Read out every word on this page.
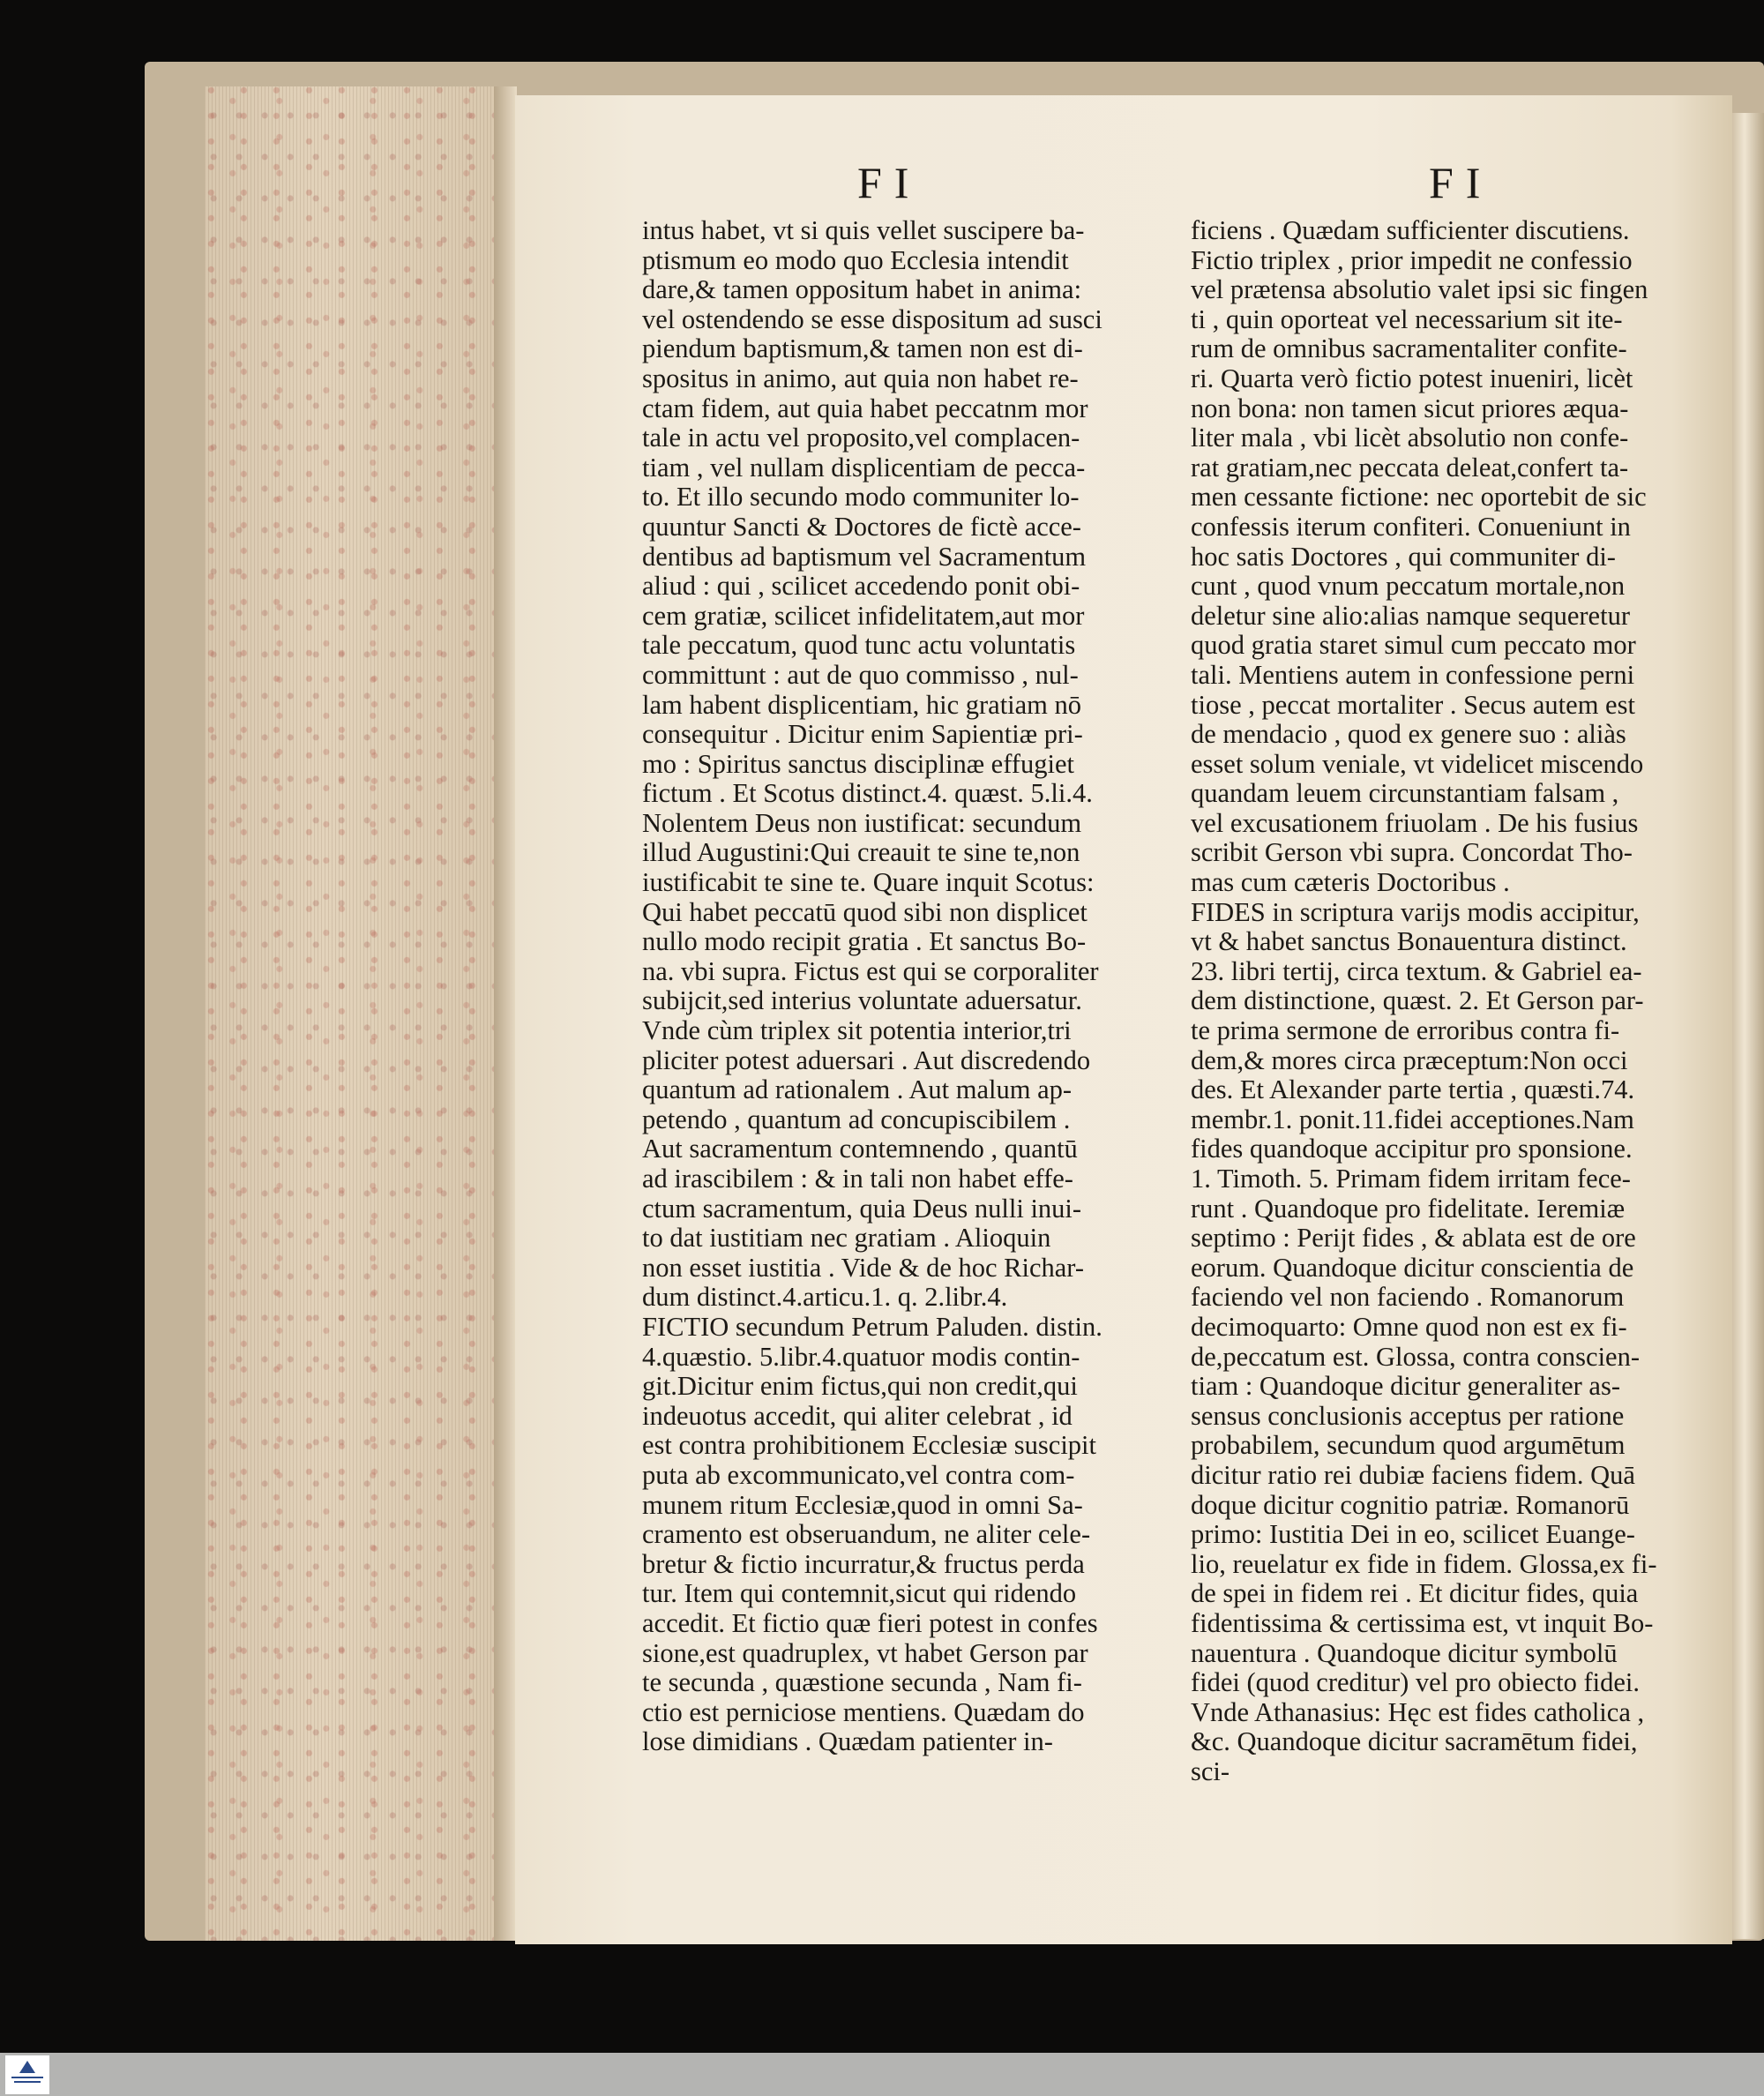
FI	FI
intus habet, vt si quis vellet suscipere ba-
ptismum eo modo quo Ecclesia intendit
dare,& tamen oppositum habet in anima:
vel ostendendo se esse dispositum ad susci
piendum baptismum,& tamen non est di-
spositus in animo, aut quia non habet re-
ctam fidem, aut quia habet peccatnm mor
tale in actu vel proposito,vel complacen-
tiam , vel nullam displicentiam de pecca-
to. Et illo secundo modo communiter lo-
quuntur Sancti & Doctores de fictè acce-
dentibus ad baptismum vel Sacramentum
aliud : qui , scilicet accedendo ponit obi-
cem gratiæ, scilicet infidelitatem,aut mor
tale peccatum, quod tunc actu voluntatis
committunt : aut de quo commisso , nul-
lam habent displicentiam, hic gratiam nō
consequitur . Dicitur enim Sapientiæ pri-
mo : Spiritus sanctus disciplinæ effugiet
fictum . Et Scotus distinct.4. quæst. 5.li.4.
Nolentem Deus non iustificat: secundum
illud Augustini:Qui creauit te sine te,non
iustificabit te sine te. Quare inquit Scotus:
Qui habet peccatū quod sibi non displicet
nullo modo recipit gratia . Et sanctus Bo-
na. vbi supra. Fictus est qui se corporaliter
subijcit,sed interius voluntate aduersatur.
Vnde cùm triplex sit potentia interior,tri
pliciter potest aduersari . Aut discredendo
quantum ad rationalem . Aut malum ap-
petendo , quantum ad concupiscibilem .
Aut sacramentum contemnendo , quantū
ad irascibilem : & in tali non habet effe-
ctum sacramentum, quia Deus nulli inui-
to dat iustitiam nec gratiam . Alioquin
non esset iustitia . Vide & de hoc Richar-
dum distinct.4.articu.1. q. 2.libr.4.
FICTIO secundum Petrum Paluden. distin.
4.quæstio. 5.libr.4.quatuor modis contin-
git.Dicitur enim fictus,qui non credit,qui
indeuotus accedit, qui aliter celebrat , id
est contra prohibitionem Ecclesiæ suscipit
puta ab excommunicato,vel contra com-
munem ritum Ecclesiæ,quod in omni Sa-
cramento est obseruandum, ne aliter cele-
bretur & fictio incurratur,& fructus perda
tur. Item qui contemnit,sicut qui ridendo
accedit. Et fictio quæ fieri potest in confes
sione,est quadruplex, vt habet Gerson par
te secunda , quæstione secunda , Nam fi-
ctio est perniciose mentiens. Quædam do
lose dimidians . Quædam patienter in-
ficiens . Quædam sufficienter discutiens.
Fictio triplex , prior impedit ne confessio
vel prætensa absolutio valet ipsi sic fingen
ti , quin oporteat vel necessarium sit ite-
rum de omnibus sacramentaliter confite-
ri. Quarta verò fictio potest inueniri, licèt
non bona: non tamen sicut priores æqua-
liter mala , vbi licèt absolutio non confe-
rat gratiam,nec peccata deleat,confert ta-
men cessante fictione: nec oportebit de sic
confessis iterum confiteri. Conueniunt in
hoc satis Doctores , qui communiter di-
cunt , quod vnum peccatum mortale,non
deletur sine alio:alias namque sequeretur
quod gratia staret simul cum peccato mor
tali. Mentiens autem in confessione perni
tiose , peccat mortaliter . Secus autem est
de mendacio , quod ex genere suo : aliàs
esset solum veniale, vt videlicet miscendo
quandam leuem circunstantiam falsam ,
vel excusationem friuolam . De his fusius
scribit Gerson vbi supra. Concordat Tho-
mas cum cæteris Doctoribus .
FIDES in scriptura varijs modis accipitur,
vt & habet sanctus Bonauentura distinct.
23. libri tertij, circa textum. & Gabriel ea-
dem distinctione, quæst. 2. Et Gerson par-
te prima sermone de erroribus contra fi-
dem,& mores circa præceptum:Non occi
des. Et Alexander parte tertia , quæsti.74.
membr.1. ponit.11.fidei acceptiones.Nam
fides quandoque accipitur pro sponsione.
1. Timoth. 5. Primam fidem irritam fece-
runt . Quandoque pro fidelitate. Ieremiæ
septimo : Perijt fides , & ablata est de ore
eorum. Quandoque dicitur conscientia de
faciendo vel non faciendo . Romanorum
decimoquarto: Omne quod non est ex fi-
de,peccatum est. Glossa, contra conscien-
tiam : Quandoque dicitur generaliter as-
sensus conclusionis acceptus per ratione
probabilem, secundum quod argumētum
dicitur ratio rei dubiæ faciens fidem. Quā
doque dicitur cognitio patriæ. Romanorū
primo: Iustitia Dei in eo, scilicet Euange-
lio, reuelatur ex fide in fidem. Glossa,ex fi-
de spei in fidem rei . Et dicitur fides, quia
fidentissima & certissima est, vt inquit Bo-
nauentura . Quandoque dicitur symbolū
fidei (quod creditur) vel pro obiecto fidei.
Vnde Athanasius: Hęc est fides catholica ,
&c. Quandoque dicitur sacramētum fidei,
sci-
